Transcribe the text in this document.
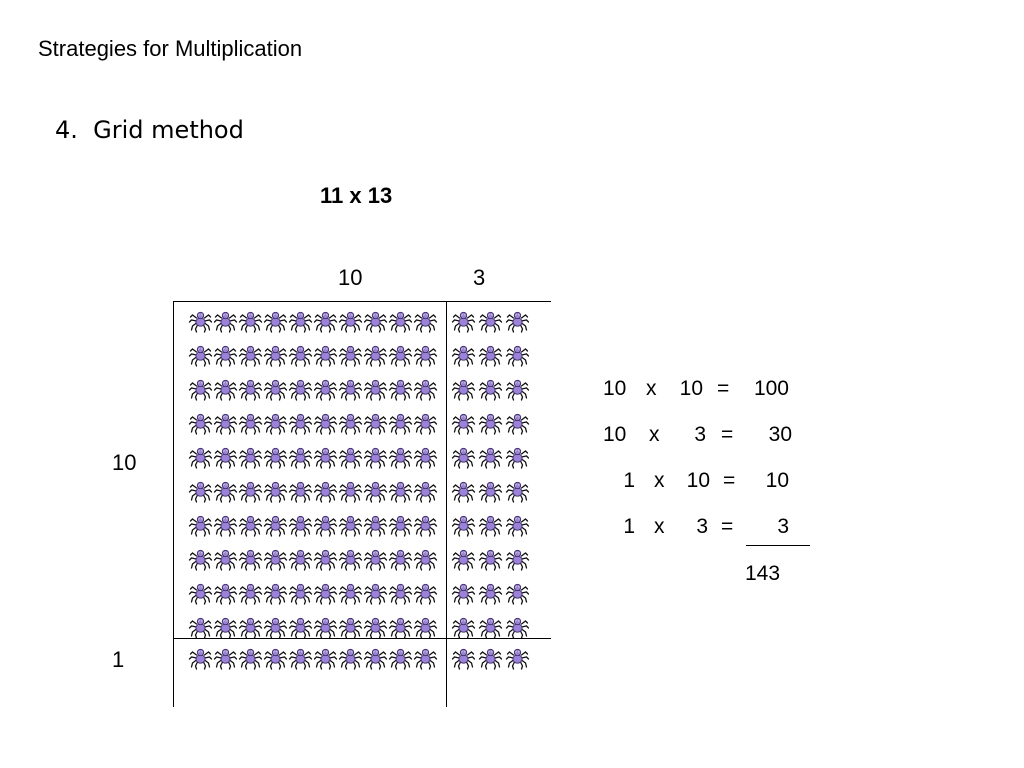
Strategies for Multiplication
4. Grid method
11 x 13
10	3
10
1
10 x	10 =	100
10 x	3 =	30
1 x	10 =	10
1 x	3 =	3
143
